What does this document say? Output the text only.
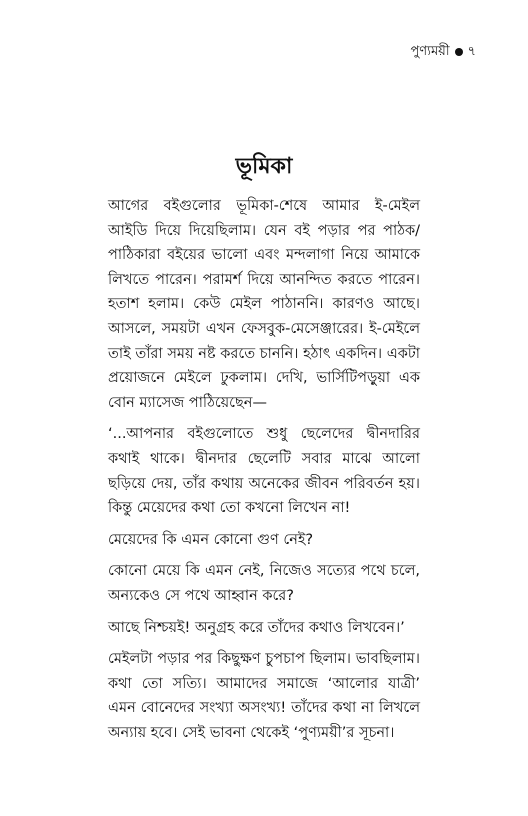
পুণ্যময়ী ৭
ভূমিকা

আগের বইগুলোর ভূমিকা-শেষে আমার ই-মেইল আইডি দিয়ে দিয়েছিলাম। যেন বই পড়ার পর পাঠক/পাঠিকারা বইয়ের ভালো এবং মন্দলাগা নিয়ে আমাকে লিখতে পারেন। পরামর্শ দিয়ে আনন্দিত করতে পারেন। হতাশ হলাম। কেউ মেইল পাঠাননি। কারণও আছে। আসলে, সময়টা এখন ফেসবুক-মেসেঞ্জারের। ই-মেইলে তাই তাঁরা সময় নষ্ট করতে চাননি। হঠাৎ একদিন। একটা প্রয়োজনে মেইলে ঢুকলাম। দেখি, ভার্সিটিপড়ুয়া এক বোন ম্যাসেজ পাঠিয়েছেন—

‘...আপনার বইগুলোতে শুধু ছেলেদের দ্বীনদারির কথাই থাকে। দ্বীনদার ছেলেটি সবার মাঝে আলো ছড়িয়ে দেয়, তাঁর কথায় অনেকের জীবন পরিবর্তন হয়। কিন্তু মেয়েদের কথা তো কখনো লিখেন না!

মেয়েদের কি এমন কোনো গুণ নেই?

কোনো মেয়ে কি এমন নেই, নিজেও সত্যের পথে চলে, অন্যকেও সে পথে আহ্বান করে?

আছে নিশ্চয়ই! অনুগ্রহ করে তাঁদের কথাও লিখবেন।’

মেইলটা পড়ার পর কিছুক্ষণ চুপচাপ ছিলাম। ভাবছিলাম। কথা তো সত্যি। আমাদের সমাজে ‘আলোর যাত্রী’ এমন বোনেদের সংখ্যা অসংখ্য! তাঁদের কথা না লিখলে অন্যায় হবে। সেই ভাবনা থেকেই ‘পুণ্যময়ী’র সূচনা।
